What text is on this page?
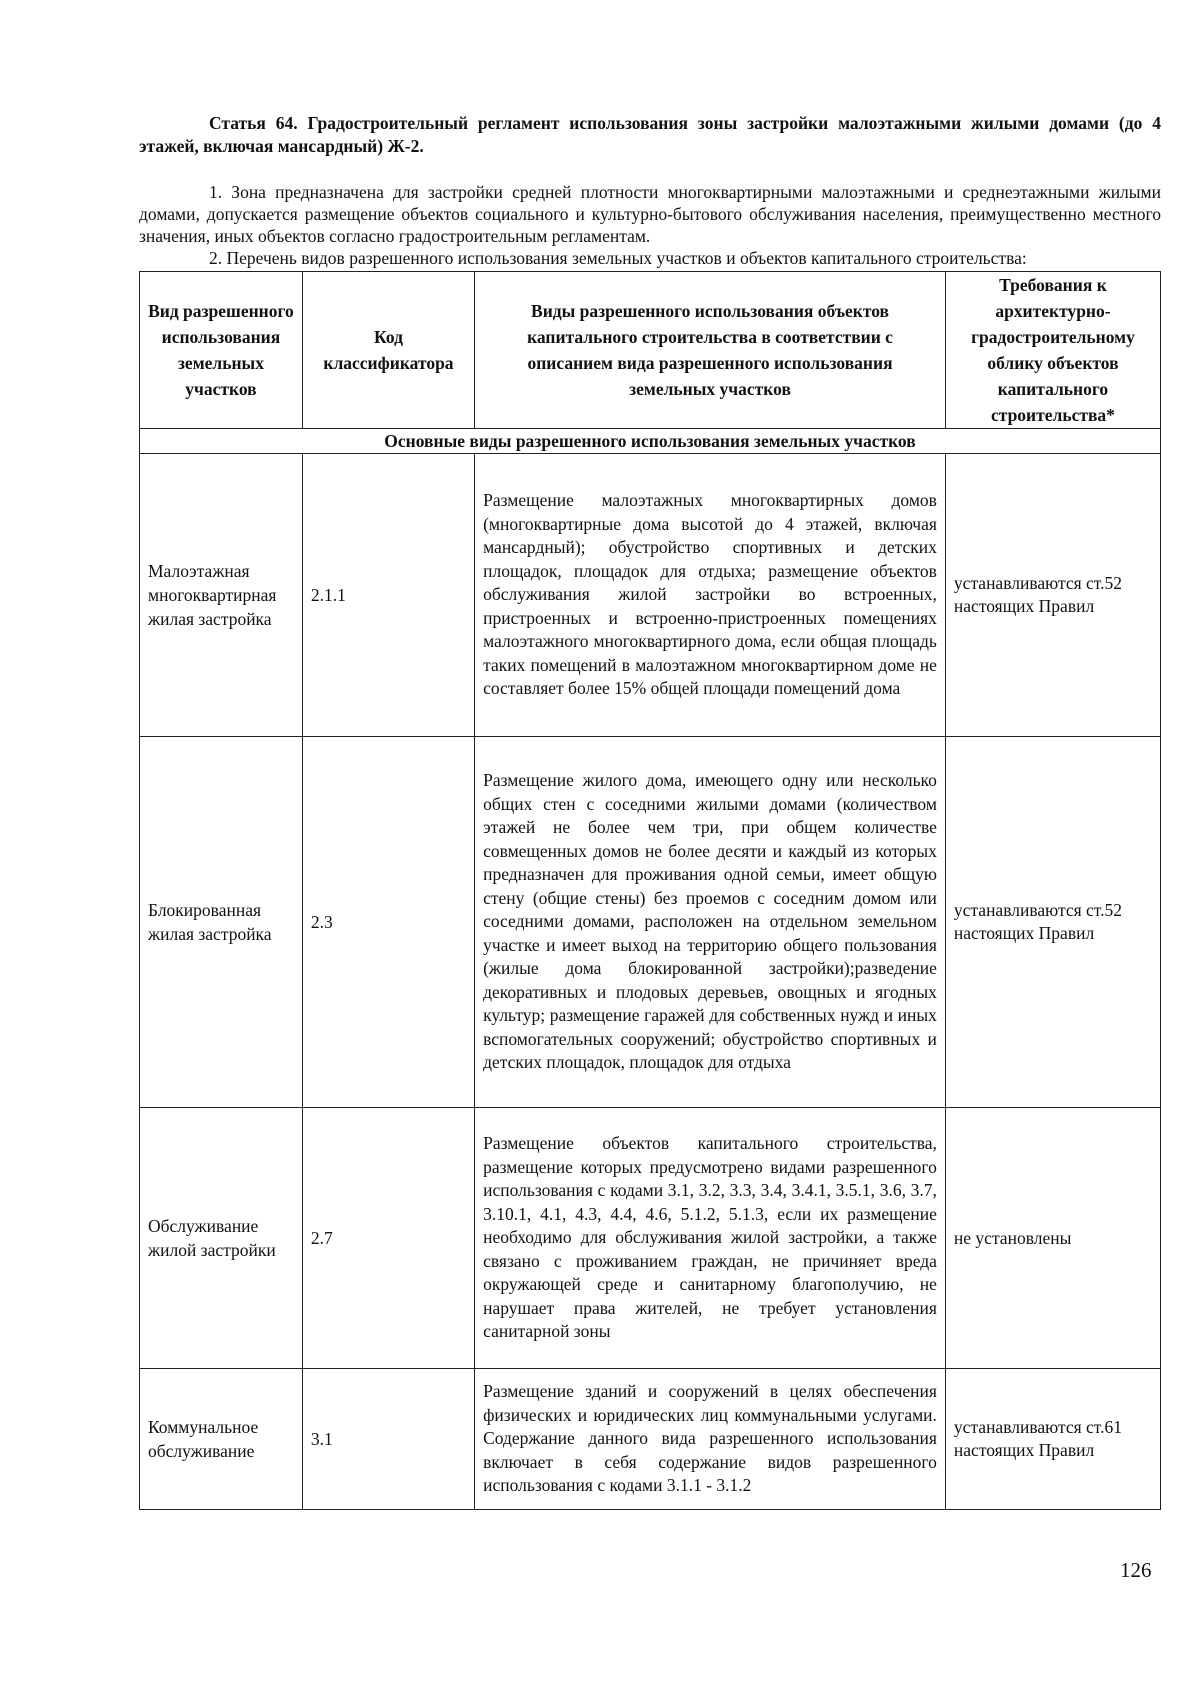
Статья 64. Градостроительный регламент использования зоны застройки малоэтажными жилыми домами (до 4 этажей, включая мансардный) Ж-2.

1. Зона предназначена для застройки средней плотности многоквартирными малоэтажными и среднеэтажными жилыми домами, допускается размещение объектов социального и культурно-бытового обслуживания населения, преимущественно местного значения, иных объектов согласно градостроительным регламентам.

2. Перечень видов разрешенного использования земельных участков и объектов капитального строительства:

Вид разрешенного использования земельных участков	Код классификатора	Виды разрешенного использования объектов капитального строительства в соответствии с описанием вида разрешенного использования земельных участков	Требования к архитектурно-градостроительному облику объектов капитального строительства*
Основные виды разрешенного использования земельных участков			
Малоэтажная многоквартирная жилая застройка	2.1.1	Размещение малоэтажных многоквартирных домов (многоквартирные дома высотой до 4 этажей, включая мансардный); обустройство спортивных и детских площадок, площадок для отдыха; размещение объектов обслуживания жилой застройки во встроенных, пристроенных и встроенно-пристроенных помещениях малоэтажного многоквартирного дома, если общая площадь таких помещений в малоэтажном многоквартирном доме не составляет более 15% общей площади помещений дома	устанавливаются ст.52 настоящих Правил
Блокированная жилая застройка	2.3	Размещение жилого дома, имеющего одну или несколько общих стен с соседними жилыми домами (количеством этажей не более чем три, при общем количестве совмещенных домов не более десяти и каждый из которых предназначен для проживания одной семьи, имеет общую стену (общие стены) без проемов с соседним домом или соседними домами, расположен на отдельном земельном участке и имеет выход на территорию общего пользования (жилые дома блокированной застройки);разведение декоративных и плодовых деревьев, овощных и ягодных культур; размещение гаражей для собственных нужд и иных вспомогательных сооружений; обустройство спортивных и детских площадок, площадок для отдыха	устанавливаются ст.52 настоящих Правил
Обслуживание жилой застройки	2.7	Размещение объектов капитального строительства, размещение которых предусмотрено видами разрешенного использования с кодами 3.1, 3.2, 3.3, 3.4, 3.4.1, 3.5.1, 3.6, 3.7, 3.10.1, 4.1, 4.3, 4.4, 4.6, 5.1.2, 5.1.3, если их размещение необходимо для обслуживания жилой застройки, а также связано с проживанием граждан, не причиняет вреда окружающей среде и санитарному благополучию, не нарушает права жителей, не требует установления санитарной зоны	не установлены
Коммунальное обслуживание	3.1	Размещение зданий и сооружений в целях обеспечения физических и юридических лиц коммунальными услугами. Содержание данного вида разрешенного использования включает в себя содержание видов разрешенного использования с кодами 3.1.1 - 3.1.2	устанавливаются ст.61 настоящих Правил
126
